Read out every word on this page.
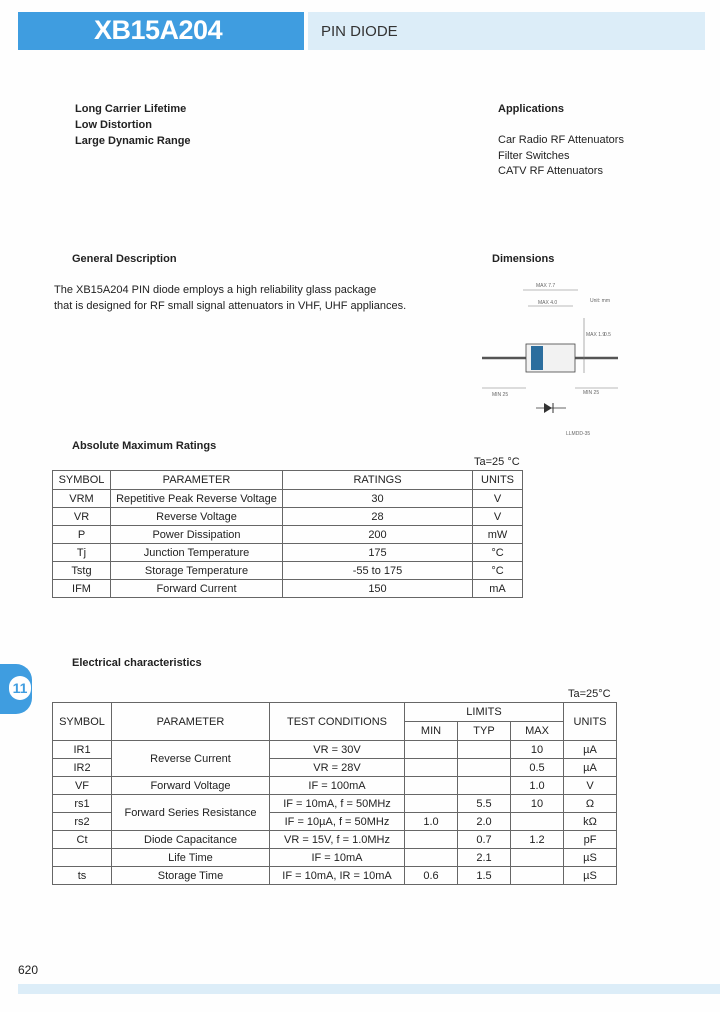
XB15A204	PIN DIODE
Long Carrier Lifetime
Low Distortion
Large Dynamic Range
Applications
Car Radio RF Attenuators
Filter Switches
CATV RF Attenuators
General Description
The XB15A204 PIN diode employs a high reliability glass package
that is designed for RF small signal attenuators in VHF, UHF appliances.
Dimensions
MAX 7.7
MAX 4.0	Unit: mm
MAX 1.9
0.5
MIN 25	MIN 25
LLMDD-35
Absolute Maximum Ratings
Ta=25 °C
SYMBOL	PARAMETER	RATINGS	UNITS
VRM	Repetitive Peak Reverse Voltage	30	V
VR	Reverse Voltage	28	V
P	Power Dissipation	200	mW
Tj	Junction Temperature	175	°C
Tstg	Storage Temperature	-55 to 175	°C
IFM	Forward Current	150	mA
11
Electrical characteristics
Ta=25°C
SYMBOL	PARAMETER	TEST CONDITIONS	LIMITS			UNITS
			MIN	TYP	MAX	
IR1	Reverse Current	VR = 30V			10	µA
IR2		VR = 28V			0.5	µA
VF	Forward Voltage	IF = 100mA			1.0	V
rs1	Forward Series Resistance	IF = 10mA, f = 50MHz		5.5	10	Ω
rs2		IF = 10µA, f = 50MHz	1.0	2.0		kΩ
Ct	Diode Capacitance	VR = 15V, f = 1.0MHz		0.7	1.2	pF
	Life Time	IF = 10mA		2.1		µS
ts	Storage Time	IF = 10mA, IR = 10mA	0.6	1.5		µS
620
